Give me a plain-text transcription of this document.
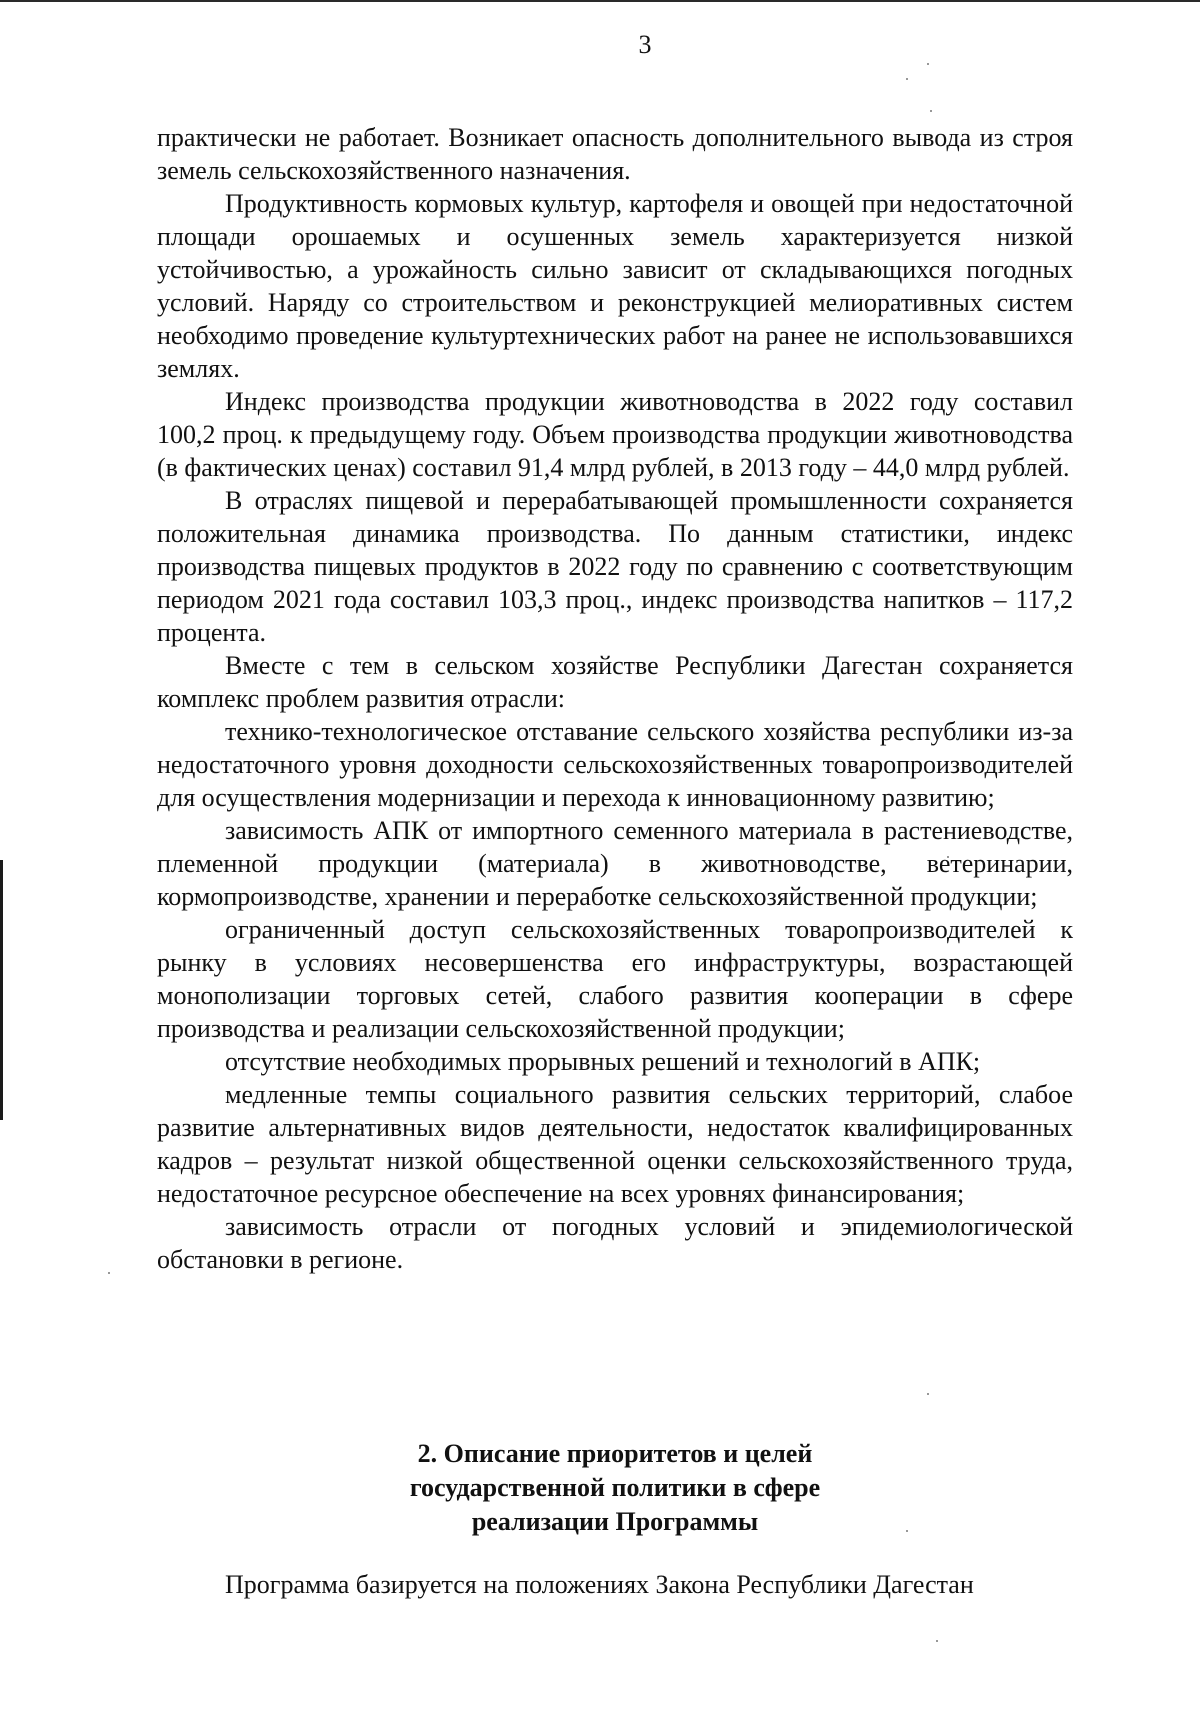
3

практически не работает. Возникает опасность дополнительного вывода из строя земель сельскохозяйственного назначения.

Продуктивность кормовых культур, картофеля и овощей при недостаточной площади орошаемых и осушенных земель характеризуется низкой устойчивостью, а урожайность сильно зависит от складывающихся погодных условий. Наряду со строительством и реконструкцией мелиоративных систем необходимо проведение культуртехнических работ на ранее не использовавшихся землях.

Индекс производства продукции животноводства в 2022 году составил 100,2 проц. к предыдущему году. Объем производства продукции животноводства (в фактических ценах) составил 91,4 млрд рублей, в 2013 году – 44,0 млрд рублей.

В отраслях пищевой и перерабатывающей промышленности сохраняется положительная динамика производства. По данным статистики, индекс производства пищевых продуктов в 2022 году по сравнению с соответствующим периодом 2021 года составил 103,3 проц., индекс производства напитков – 117,2 процента.

Вместе с тем в сельском хозяйстве Республики Дагестан сохраняется комплекс проблем развития отрасли:

технико-технологическое отставание сельского хозяйства республики из-за недостаточного уровня доходности сельскохозяйственных товаропроизводителей для осуществления модернизации и перехода к инновационному развитию;

зависимость АПК от импортного семенного материала в растениеводстве, племенной продукции (материала) в животноводстве, ветеринарии, кормопроизводстве, хранении и переработке сельскохозяйственной продукции;

ограниченный доступ сельскохозяйственных товаропроизводителей к рынку в условиях несовершенства его инфраструктуры, возрастающей монополизации торговых сетей, слабого развития кооперации в сфере производства и реализации сельскохозяйственной продукции;

отсутствие необходимых прорывных решений и технологий в АПК;

медленные темпы социального развития сельских территорий, слабое развитие альтернативных видов деятельности, недостаток квалифицированных кадров – результат низкой общественной оценки сельскохозяйственного труда, недостаточное ресурсное обеспечение на всех уровнях финансирования;

зависимость отрасли от погодных условий и эпидемиологической обстановки в регионе.

2. Описание приоритетов и целей
государственной политики в сфере
реализации Программы
Программа базируется на положениях Закона Республики Дагестан
